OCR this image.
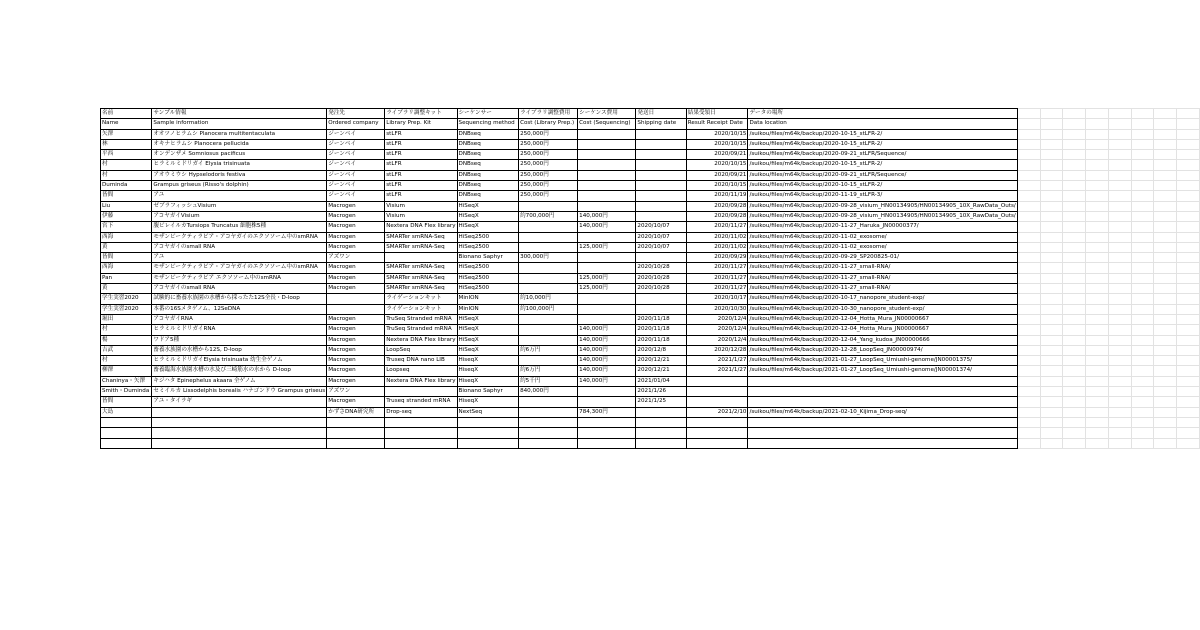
名前	サンプル情報	発注先	ライブラリ調整キット	シーケンサー	ライブラリ調整費用	シーケンス費用	発送日	結果受領日	データの場所								
Name	Sample information	Ordered company	Library Prep. Kit	Sequencing method	Cost (Library Prep.)	Cost (Sequencing)	Shipping date	Result Receipt Date	Data location								
矢澤	オオツノヒラムシ Planocera multitentaculata	ジーンベイ	stLFR	DNBseq	250,000円			2020/10/15	/suikou/files/m64k/backup/2020-10-15_stLFR-2/								
林	オキナヒラムシ Planocera pellucida	ジーンベイ	stLFR	DNBseq	250,000円			2020/10/15	/suikou/files/m64k/backup/2020-10-15_stLFR-2/								
平西	オンデンザメ Somniosus pacificus	ジーンベイ	stLFR	DNBseq	250,000円			2020/09/21	/suikou/files/m64k/backup/2020-09-21_stLFR/Sequence/								
村	ヒラミルミドリガイ Elysia trisinuata	ジーンベイ	stLFR	DNBseq	250,000円			2020/10/15	/suikou/files/m64k/backup/2020-10-15_stLFR-2/								
村	アオウミウシ Hypselodoris festiva	ジーンベイ	stLFR	DNBseq	250,000円			2020/09/21	/suikou/files/m64k/backup/2020-09-21_stLFR/Sequence/								
Duminda	Grampus griseus (Risso's dolphin)	ジーンベイ	stLFR	DNBseq	250,000円			2020/10/15	/suikou/files/m64k/backup/2020-10-15_stLFR-2/								
皆間	アユ	ジーンベイ	stLFR	DNBseq	250,000円			2020/11/19	/suikou/files/m64k/backup/2020-11-19_stLFR-3/								
Liu	ゼブラフィッシュVisium	Macrogen	Visium	HiSeqX				2020/09/28	/suikou/files/m64k/backup/2020-09-28_visium_HN00134905/HN00134905_10X_RawData_Outs/								
伊藤	アコヤガイVisium	Macrogen	Visium	HiSeqX	約700,000円	140,000円		2020/09/28	/suikou/files/m64k/backup/2020-09-28_visium_HN00134905/HN00134905_10X_RawData_Outs/								
宮下	腹ビレイルカTursiops Truncatus 細胞株5種	Macrogen	Nextera DNA Flex library	HiSeqX		140,000円	2020/10/07	2020/11/27	/suikou/files/m64k/backup/2020-11-27_Haruka_JN00000377/								
西海	モザンビークティラピア・アコヤガイのエクソソーム中のsmRNA	Macrogen	SMARTer smRNA-Seq	HiSeq2500			2020/10/07	2020/11/02	/suikou/files/m64k/backup/2020-11-02_exosome/								
黄	アコヤガイのsmall RNA	Macrogen	SMARTer smRNA-Seq	HiSeq2500		125,000円	2020/10/07	2020/11/02	/suikou/files/m64k/backup/2020-11-02_exosome/								
皆間	アユ	アズワン		Bionano Saphyr	300,000円			2020/09/29	/suikou/files/m64k/backup/2020-09-29_SP200825-01/								
西海	モザンビークティラピア・アコヤガイのエクソソーム中のsmRNA	Macrogen	SMARTer smRNA-Seq	HiSeq2500			2020/10/28	2020/11/27	/suikou/files/m64k/backup/2020-11-27_small-RNA/								
Pan	モザンビークティラピア エクソソーム中のsmRNA	Macrogen	SMARTer smRNA-Seq	HiSeq2500		125,000円	2020/10/28	2020/11/27	/suikou/files/m64k/backup/2020-11-27_small-RNA/								
黄	アコヤガイのsmall RNA	Macrogen	SMARTer smRNA-Seq	HiSeq2500		125,000円	2020/10/28	2020/11/27	/suikou/files/m64k/backup/2020-11-27_small-RNA/								
学生実習2020	試験的に畜養水族園の水槽から採ったた12S全長・D-loop		ライゲーションキット	MinION	約10,000円			2020/10/17	/suikou/files/m64k/backup/2020-10-17_nanopore_student-exp/								
学生実習2020	本番の16Sメタゲノム、12SeDNA		ライゲーションキット	MinION	約100,000円			2020/10/30	/suikou/files/m64k/backup/2020-10-30_nanopore_student-exp/								
堀田	アコヤガイRNA	Macrogen	TruSeq Stranded mRNA	HiSeqX			2020/11/18	2020/12/4	/suikou/files/m64k/backup/2020-12-04_Hotta_Mura_JN00000667								
村	ヒラミルミドリガイRNA	Macrogen	TruSeq Stranded mRNA	HiSeqX		140,000円	2020/11/18	2020/12/4	/suikou/files/m64k/backup/2020-12-04_Hotta_Mura_JN00000667								
楊	ワドア5種	Macrogen	Nextera DNA Flex library	HiSeqX		140,000円	2020/11/18	2020/12/4	/suikou/files/m64k/backup/2020-12-04_Yang_kudoa_JN00000666								
吉武	畜養水族園の水槽から12S, D-loop	Macrogen	LoopSeq	HiSeqX	約6万円	140,000円	2020/12/8	2020/12/28	/suikou/files/m64k/backup/2020-12-28_LoopSeq_JN00000974/								
村	ヒラミルミドリガイElysia trisinuata 幼生全ゲノム	Macrogen	Truseq DNA nano LIB	HiseqX		140,000円	2020/12/21	2021/1/27	/suikou/files/m64k/backup/2021-01-27_LoopSeq_Umiushi-genome/JN00001375/								
柳澤	畜養臨海水族園水槽の水及び三崎筋水の水から D-loop	Macrogen	Loopseq	HiseqX	約6万円	140,000円	2020/12/21	2021/1/27	/suikou/files/m64k/backup/2021-01-27_LoopSeq_Umiushi-genome/JN00001374/								
Chaninya・矢澤	キジハタ Epinephelus akaara 全ゲノム	Macrogen	Nextera DNA Flex library	HiseqX	約5千円	140,000円	2021/01/04										
Smith・Duminda	セミイルカ Lissodelphis borealis ハナゴンドウ Grampus griseus	アズワン		Bionano Saphyr	840,000円		2021/1/26										
皆間	アユ・タイラギ	Macrogen	Truseq stranded mRNA	HiseqX			2021/1/25										
大島		かずさDNA研究所	Drop-seq	NextSeq		784,300円		2021/2/10	/suikou/files/m64k/backup/2021-02-10_Kijima_Drop-seq/								
